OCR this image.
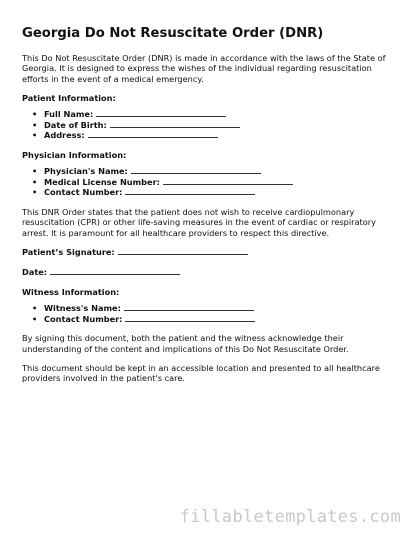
Georgia Do Not Resuscitate Order (DNR)

This Do Not Resuscitate Order (DNR) is made in accordance with the laws of the State of Georgia. It is designed to express the wishes of the individual regarding resuscitation efforts in the event of a medical emergency.

Patient Information:
• Full Name:
• Date of Birth:
• Address:
Physician Information:
• Physician's Name:
• Medical License Number:
• Contact Number:

This DNR Order states that the patient does not wish to receive cardiopulmonary resuscitation (CPR) or other life-saving measures in the event of cardiac or respiratory arrest. It is paramount for all healthcare providers to respect this directive.

Patient’s Signature:
Date:
Witness Information:
• Witness's Name:
• Contact Number:

By signing this document, both the patient and the witness acknowledge their understanding of the content and implications of this Do Not Resuscitate Order.

This document should be kept in an accessible location and presented to all healthcare providers involved in the patient's care.

fillabletemplates.com
